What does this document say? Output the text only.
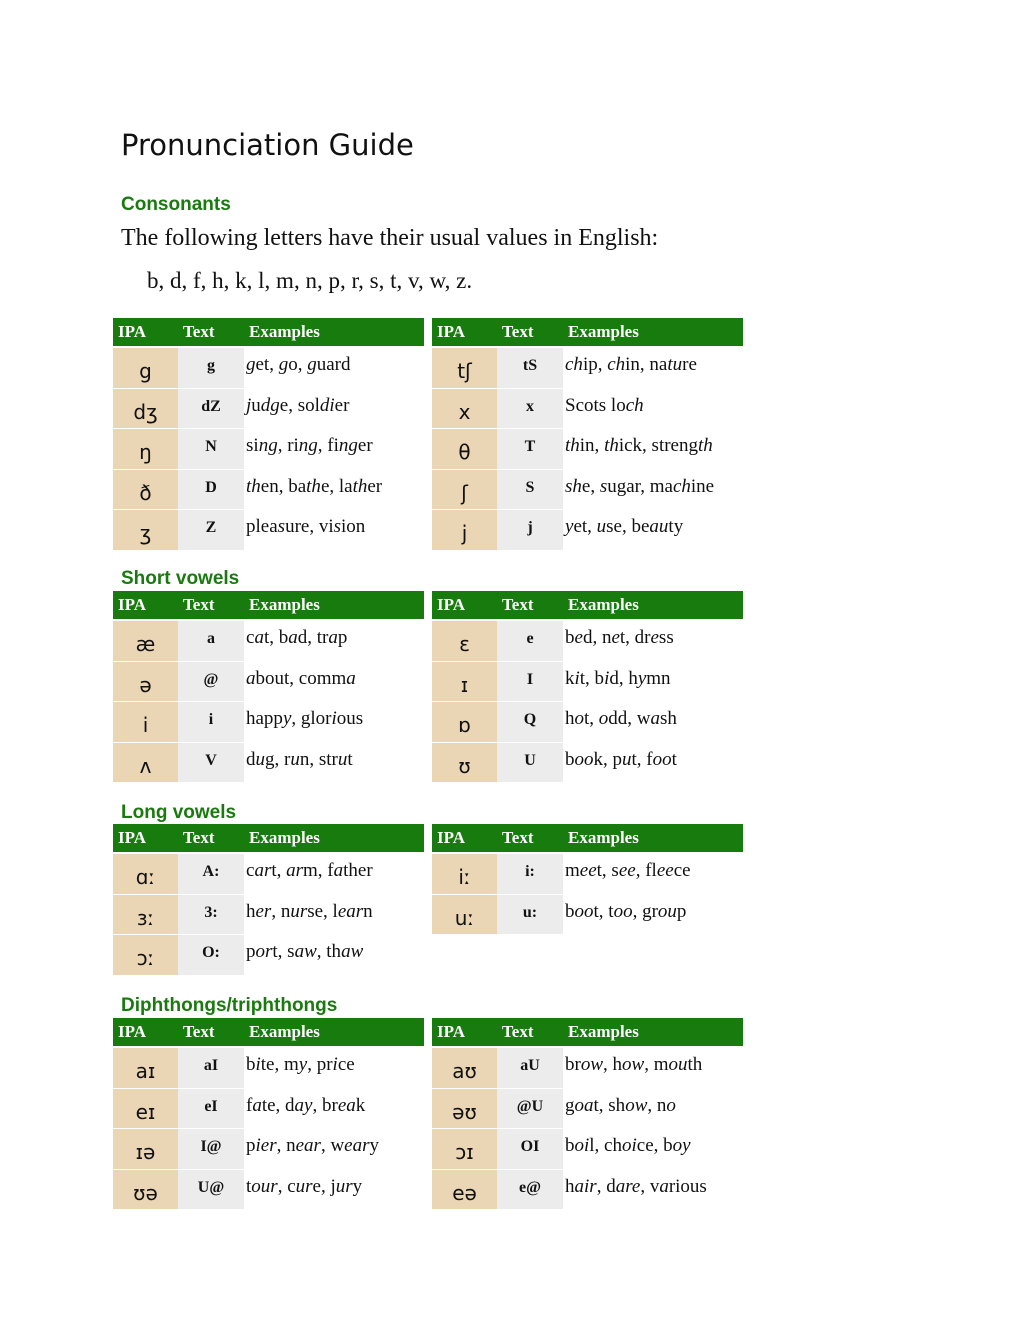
Pronunciation Guide
Consonants
The following letters have their usual values in English:
b, d, f, h, k, l, m, n, p, r, s, t, v, w, z.
Short vowels
Long vowels
Diphthongs/triphthongs
IPA	Text	Examples
g	g	get, go, guard
dʒ	dZ	judge, soldier
ŋ	N	sing, ring, finger
ð	D	then, bathe, lather
ʒ	Z	pleasure, vision
IPA	Text	Examples
tʃ	tS	chip, chin, nature
x	x	Scots loch
θ	T	thin, thick, strength
ʃ	S	she, sugar, machine
j	j	yet, use, beauty
IPA	Text	Examples
æ	a	cat, bad, trap
ə	@	about, comma
i	i	happy, glorious
ʌ	V	dug, run, strut
IPA	Text	Examples
ɛ	e	bed, net, dress
ɪ	I	kit, bid, hymn
ɒ	Q	hot, odd, wash
ʊ	U	book, put, foot
IPA	Text	Examples
ɑː	A:	cart, arm, father
ɜː	3:	her, nurse, learn
ɔː	O:	port, saw, thaw
IPA	Text	Examples
iː	i:	meet, see, fleece
uː	u:	boot, too, group
IPA	Text	Examples
aɪ	aI	bite, my, price
eɪ	eI	fate, day, break
ɪə	I@	pier, near, weary
ʊə	U@	tour, cure, jury
IPA	Text	Examples
aʊ	aU	brow, how, mouth
əʊ	@U	goat, show, no
ɔɪ	OI	boil, choice, boy
eə	e@	hair, dare, various
